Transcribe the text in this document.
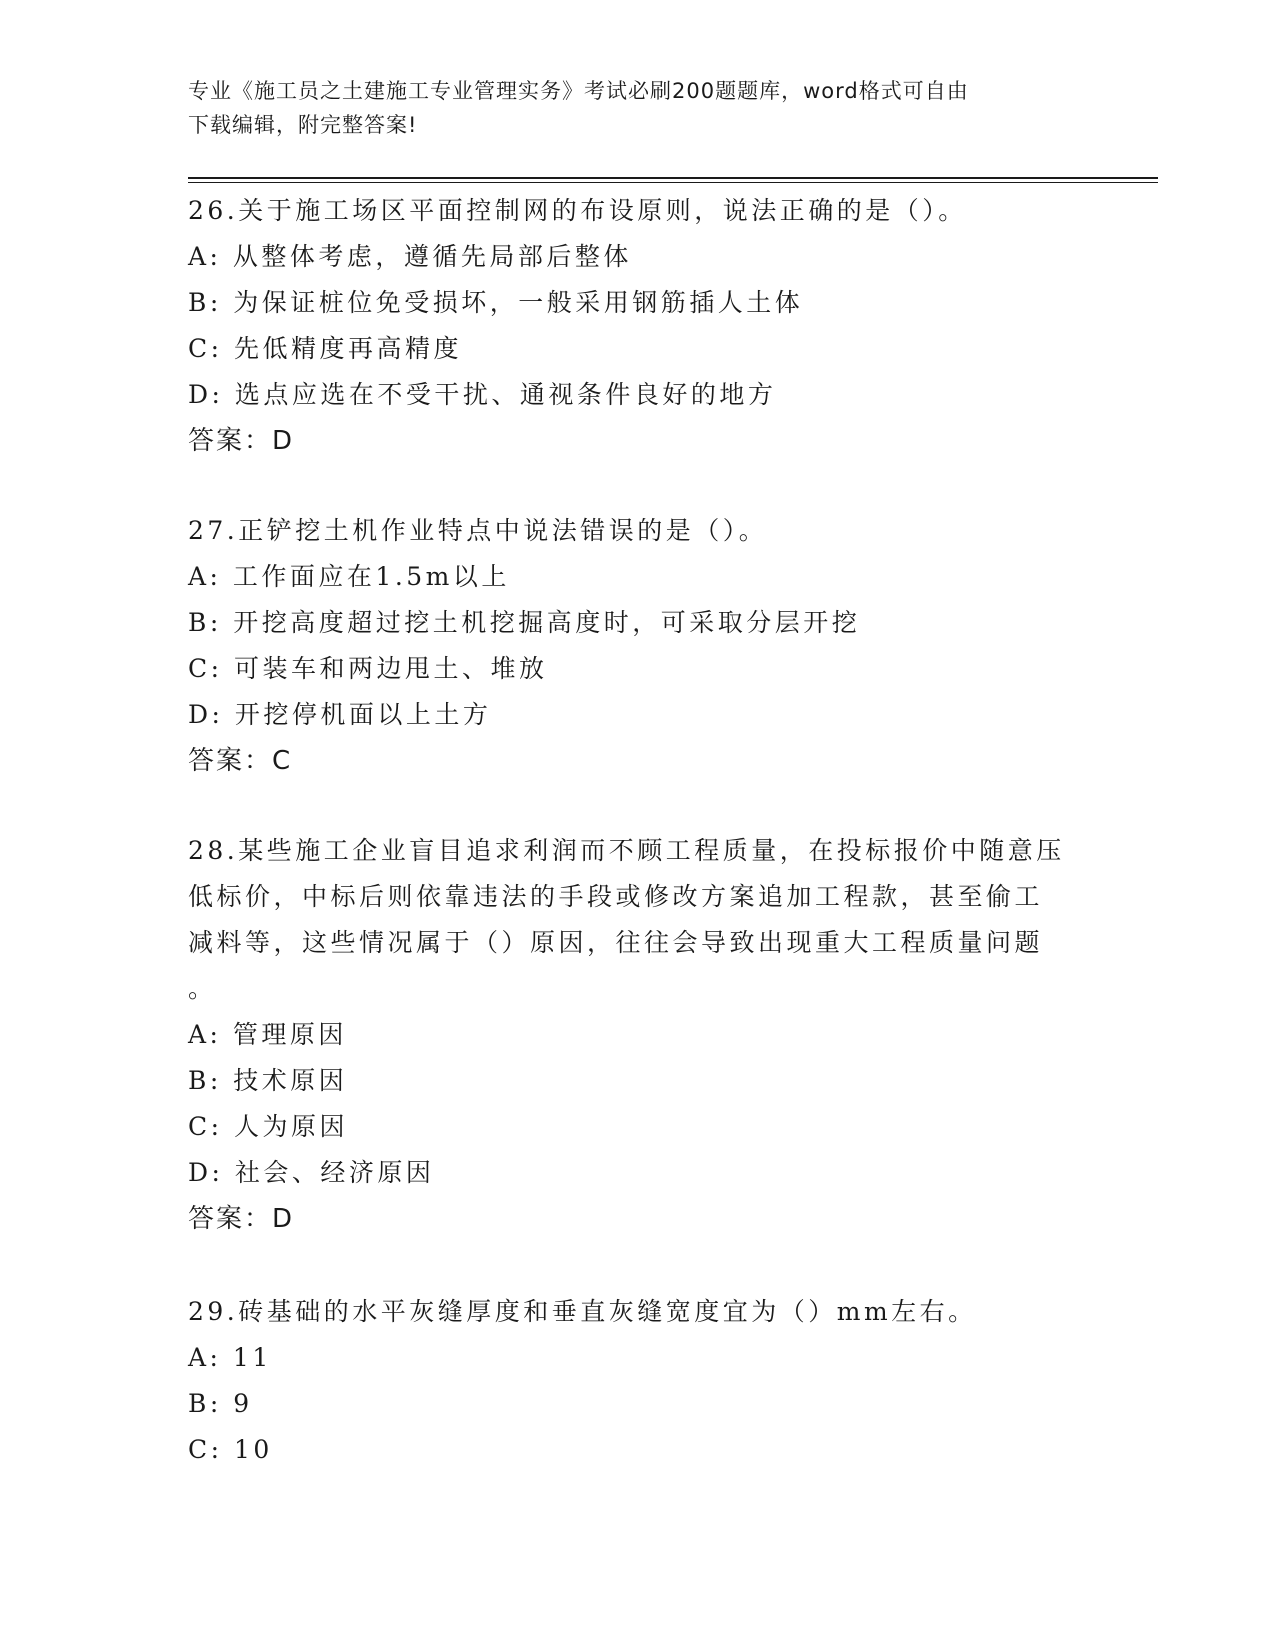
专业《施工员之土建施工专业管理实务》考试必刷200题题库，word格式可自由
下载编辑，附完整答案!
26.关于施工场区平面控制网的布设原则，说法正确的是（）。
A: 从整体考虑，遵循先局部后整体
B: 为保证桩位免受损坏，一般采用钢筋插人土体
C: 先低精度再高精度
D: 选点应选在不受干扰、通视条件良好的地方
答案：D
27.正铲挖土机作业特点中说法错误的是（）。
A: 工作面应在1.5m以上
B: 开挖高度超过挖土机挖掘高度时，可采取分层开挖
C: 可装车和两边甩土、堆放
D: 开挖停机面以上土方
答案：C
28.某些施工企业盲目追求利润而不顾工程质量，在投标报价中随意压
低标价，中标后则依靠违法的手段或修改方案追加工程款，甚至偷工
减料等，这些情况属于（）原因，往往会导致出现重大工程质量问题
。
A: 管理原因
B: 技术原因
C: 人为原因
D: 社会、经济原因
答案：D
29.砖基础的水平灰缝厚度和垂直灰缝宽度宜为（）mm左右。
A: 11
B: 9
C: 10
